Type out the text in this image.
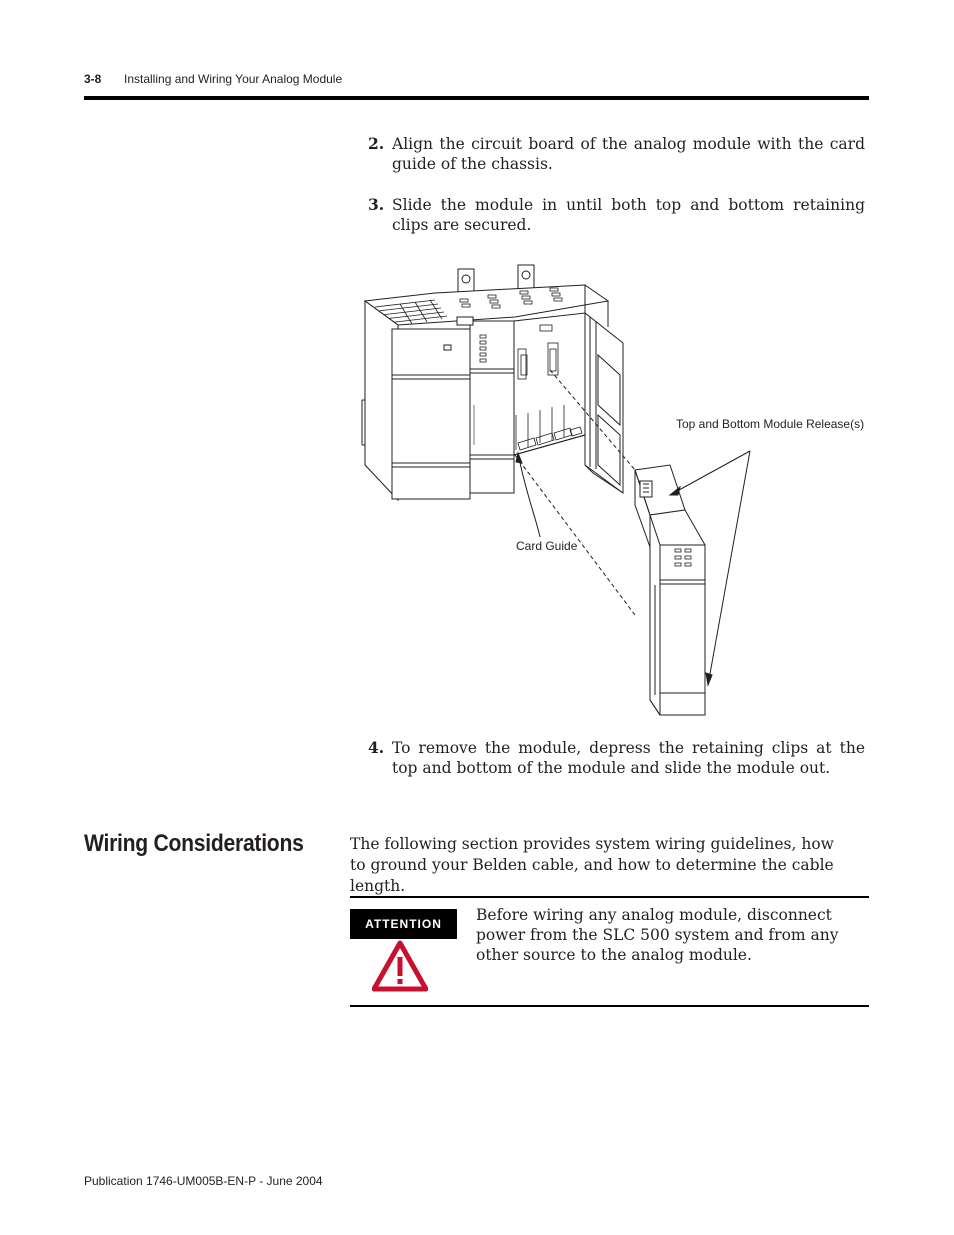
3-8 Installing and Wiring Your Analog Module
2. Align the circuit board of the analog module with the card guide of the chassis.
3. Slide the module in until both top and bottom retaining clips are secured.
Top and Bottom Module Release(s)
Card Guide
4. To remove the module, depress the retaining clips at the top and bottom of the module and slide the module out.
Wiring Considerations	The following section provides system wiring guidelines, how to ground your Belden cable, and how to determine the cable length.
ATTENTION	Before wiring any analog module, disconnect power from the SLC 500 system and from any other source to the analog module.
Publication 1746-UM005B-EN-P - June 2004
